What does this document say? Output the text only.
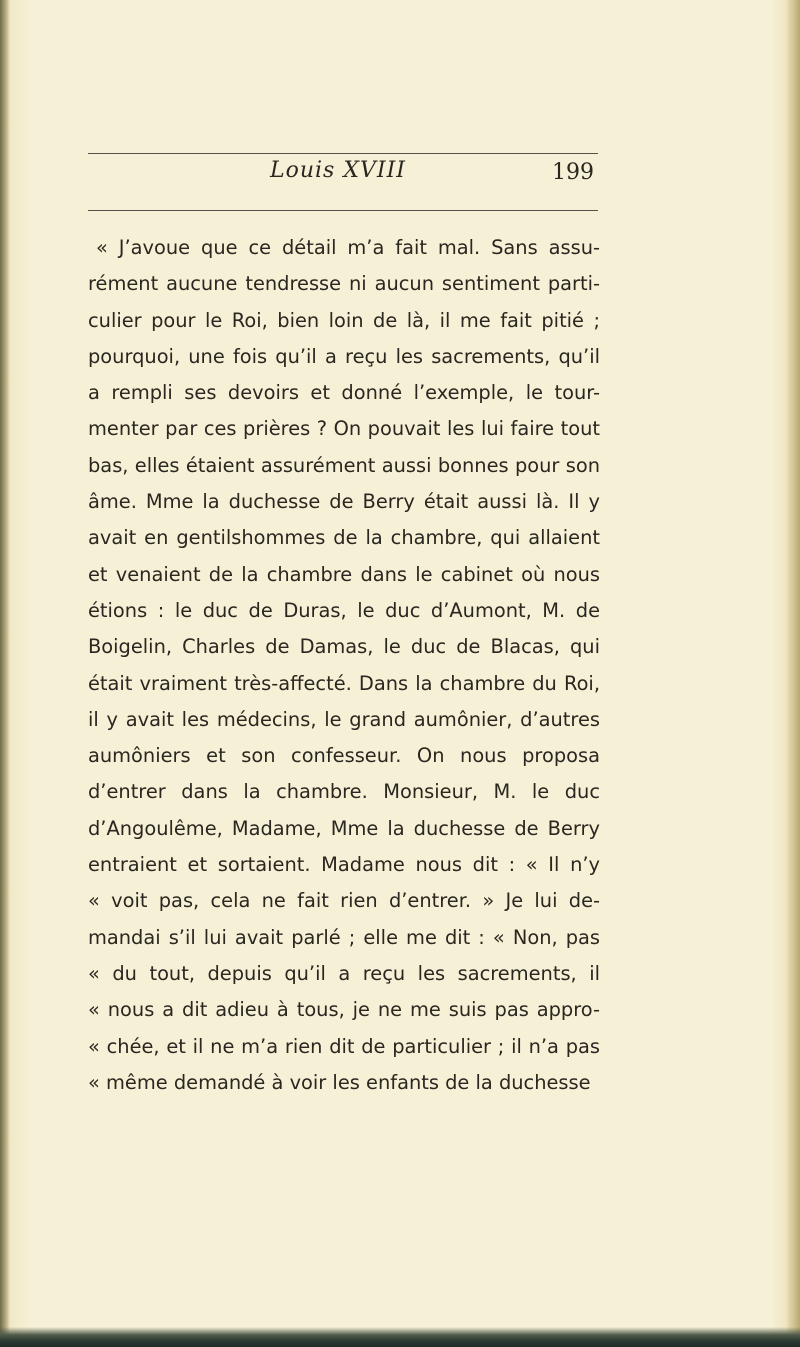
Louis XVIII	199
« J’avoue que ce détail m’a fait mal. Sans assu-
rément aucune tendresse ni aucun sentiment parti-
culier pour le Roi, bien loin de là, il me fait pitié ;
pourquoi, une fois qu’il a reçu les sacrements, qu’il
a rempli ses devoirs et donné l’exemple, le tour-
menter par ces prières ? On pouvait les lui faire tout
bas, elles étaient assurément aussi bonnes pour son
âme. Mme la duchesse de Berry était aussi là. Il y
avait en gentilshommes de la chambre, qui allaient
et venaient de la chambre dans le cabinet où nous
étions : le duc de Duras, le duc d’Aumont, M. de
Boigelin, Charles de Damas, le duc de Blacas, qui
était vraiment très-affecté. Dans la chambre du Roi,
il y avait les médecins, le grand aumônier, d’autres
aumôniers et son confesseur. On nous proposa
d’entrer dans la chambre. Monsieur, M. le duc
d’Angoulême, Madame, Mme la duchesse de Berry
entraient et sortaient. Madame nous dit : « Il n’y
« voit pas, cela ne fait rien d’entrer. » Je lui de-
mandai s’il lui avait parlé ; elle me dit : « Non, pas
« du tout, depuis qu’il a reçu les sacrements, il
« nous a dit adieu à tous, je ne me suis pas appro-
« chée, et il ne m’a rien dit de particulier ; il n’a pas
« même demandé à voir les enfants de la duchesse
